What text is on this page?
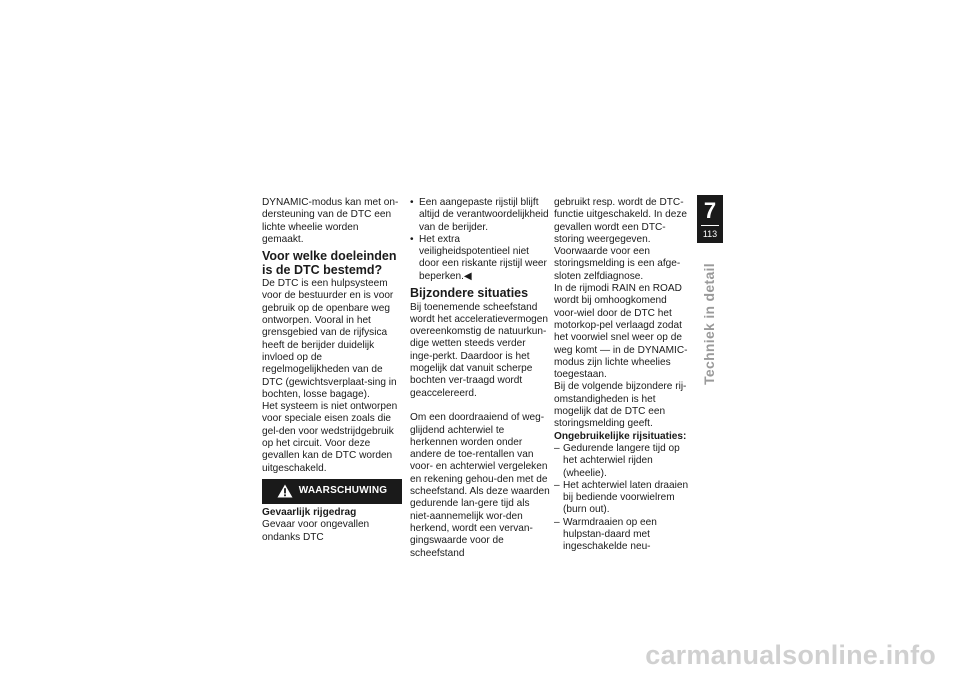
DYNAMIC-modus kan met on-dersteuning van de DTC een lichte wheelie worden gemaakt.

Voor welke doeleinden is de DTC bestemd?

De DTC is een hulpsysteem voor de bestuurder en is voor gebruik op de openbare weg ontworpen. Vooral in het grensgebied van de rijfysica heeft de berijder duidelijk invloed op de regelmogelijkheden van de DTC (gewichtsverplaat-sing in bochten, losse bagage).

Het systeem is niet ontworpen voor speciale eisen zoals die gel-den voor wedstrijdgebruik op het circuit. Voor deze gevallen kan de DTC worden uitgeschakeld.

WAARSCHUWING

Gevaarlijk rijgedrag

Gevaar voor ongevallen ondanks DTC

• Een aangepaste rijstijl blijft altijd de verantwoordelijkheid van de berijder.
• Het extra veiligheidspotentieel niet door een riskante rijstijl weer beperken.◀
Bijzondere situaties

Bij toenemende scheefstand wordt het acceleratievermogen overeenkomstig de natuurkun-dige wetten steeds verder inge-perkt. Daardoor is het mogelijk dat vanuit scherpe bochten ver-traagd wordt geaccelereerd.

Om een doordraaiend of weg-glijdend achterwiel te herkennen worden onder andere de toe-rentallen van voor- en achterwiel vergeleken en rekening gehou-den met de scheefstand. Als deze waarden gedurende lan-gere tijd als niet-aannemelijk wor-den herkend, wordt een vervan-gingswaarde voor de scheefstand

gebruikt resp. wordt de DTC-functie uitgeschakeld. In deze gevallen wordt een DTC-storing weergegeven. Voorwaarde voor een storingsmelding is een afge-sloten zelfdiagnose.

In de rijmodi RAIN en ROAD wordt bij omhoogkomend voor-wiel door de DTC het motorkop-pel verlaagd zodat het voorwiel snel weer op de weg komt — in de DYNAMIC-modus zijn lichte wheelies toegestaan.

Bij de volgende bijzondere rij-omstandigheden is het mogelijk dat de DTC een storingsmelding geeft.

Ongebruikelijke rijsituaties:

– Gedurende langere tijd op het achterwiel rijden (wheelie).
– Het achterwiel laten draaien bij bediende voorwielrem (burn out).
– Warmdraaien op een hulpstan-daard met ingeschakelde neu-
7
113
Techniek in detail
carmanualsonline.info
